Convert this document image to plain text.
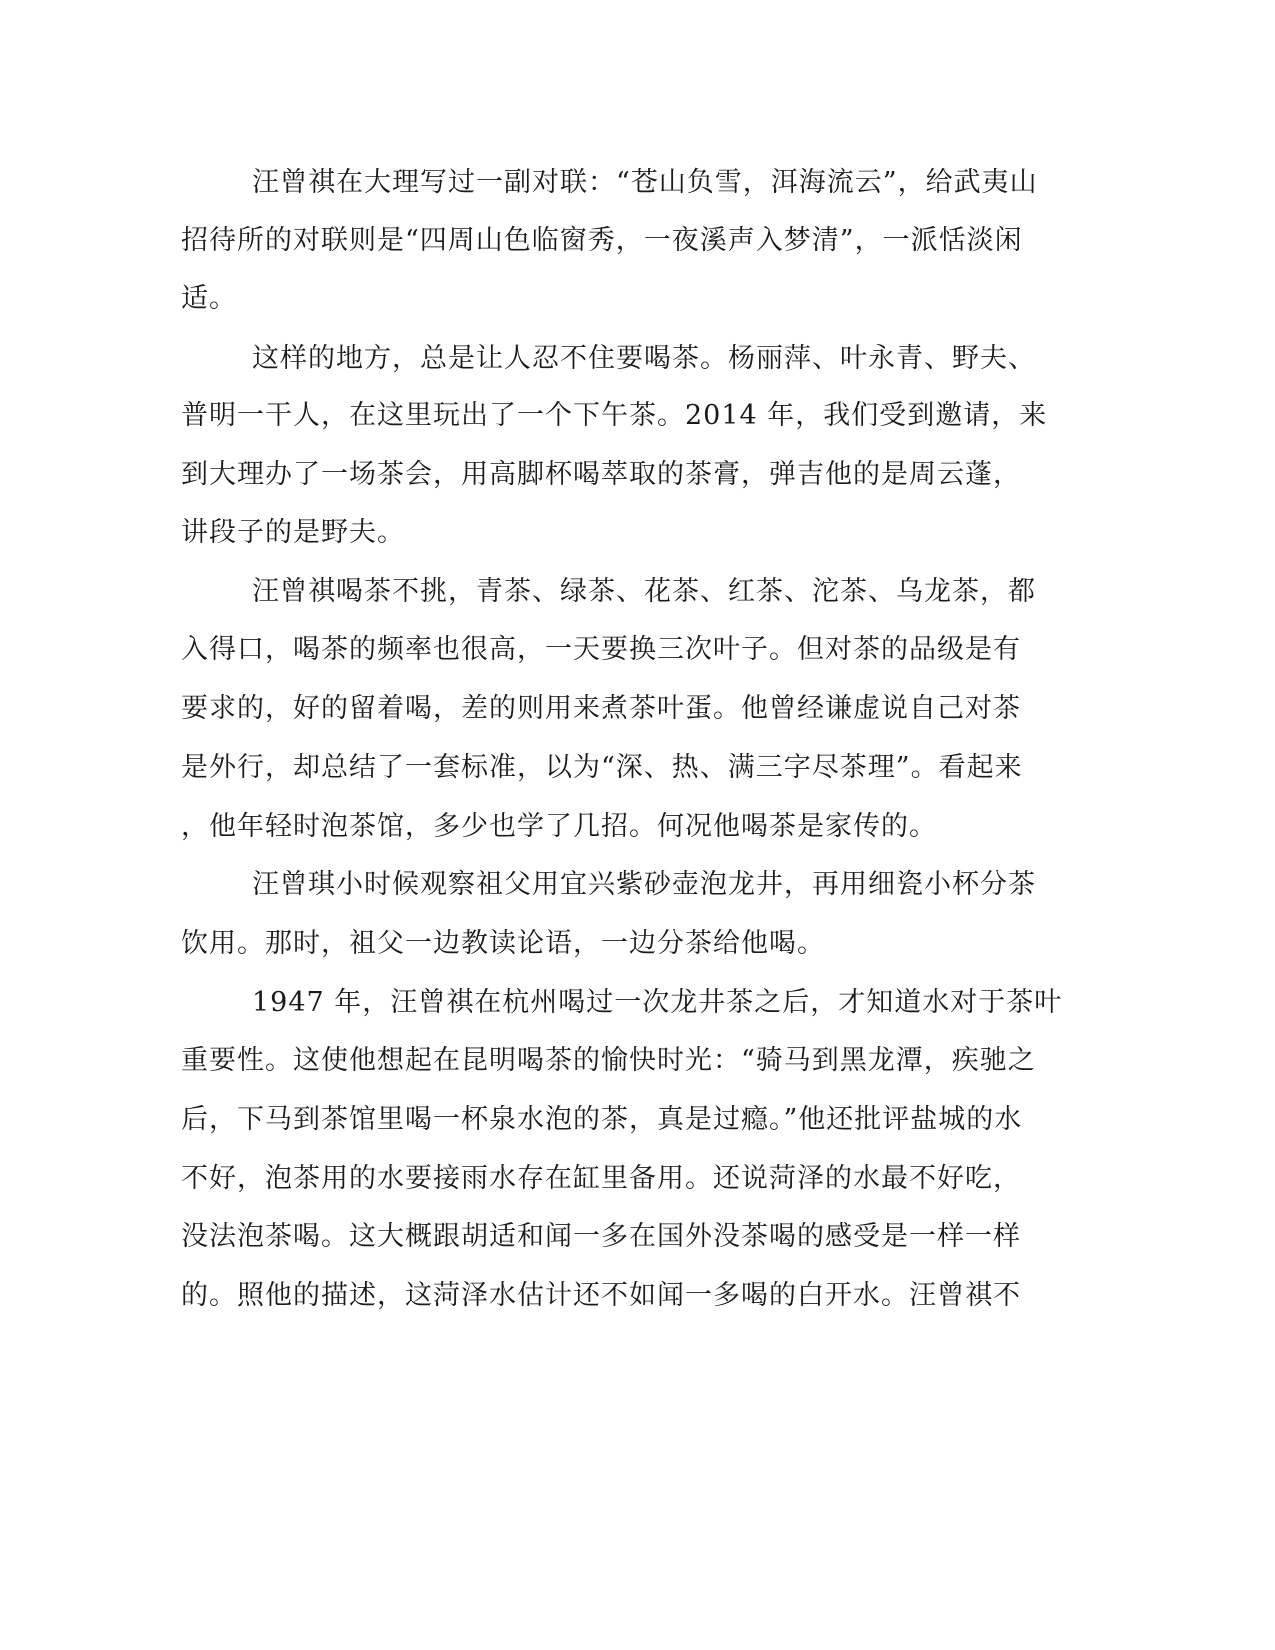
汪曾祺在大理写过一副对联：“苍山负雪，洱海流云”，给武夷山

招待所的对联则是“四周山色临窗秀，一夜溪声入梦清”，一派恬淡闲

适。

这样的地方，总是让人忍不住要喝茶。杨丽萍、叶永青、野夫、

普明一干人，在这里玩出了一个下午茶。2014 年，我们受到邀请，来

到大理办了一场茶会，用高脚杯喝萃取的茶膏，弹吉他的是周云蓬，

讲段子的是野夫。

汪曾祺喝茶不挑，青茶、绿茶、花茶、红茶、沱茶、乌龙茶，都

入得口，喝茶的频率也很高，一天要换三次叶子。但对茶的品级是有

要求的，好的留着喝，差的则用来煮茶叶蛋。他曾经谦虚说自己对茶

是外行，却总结了一套标准，以为“深、热、满三字尽茶理”。看起来

，他年轻时泡茶馆，多少也学了几招。何况他喝茶是家传的。

汪曾琪小时候观察祖父用宜兴紫砂壶泡龙井，再用细瓷小杯分茶

饮用。那时，祖父一边教读论语，一边分茶给他喝。

1947 年，汪曾祺在杭州喝过一次龙井茶之后，才知道水对于茶叶

重要性。这使他想起在昆明喝茶的愉快时光：“骑马到黑龙潭，疾驰之

后，下马到茶馆里喝一杯泉水泡的茶，真是过瘾。”他还批评盐城的水

不好，泡茶用的水要接雨水存在缸里备用。还说菏泽的水最不好吃，

没法泡茶喝。这大概跟胡适和闻一多在国外没茶喝的感受是一样一样

的。照他的描述，这菏泽水估计还不如闻一多喝的白开水。汪曾祺不
